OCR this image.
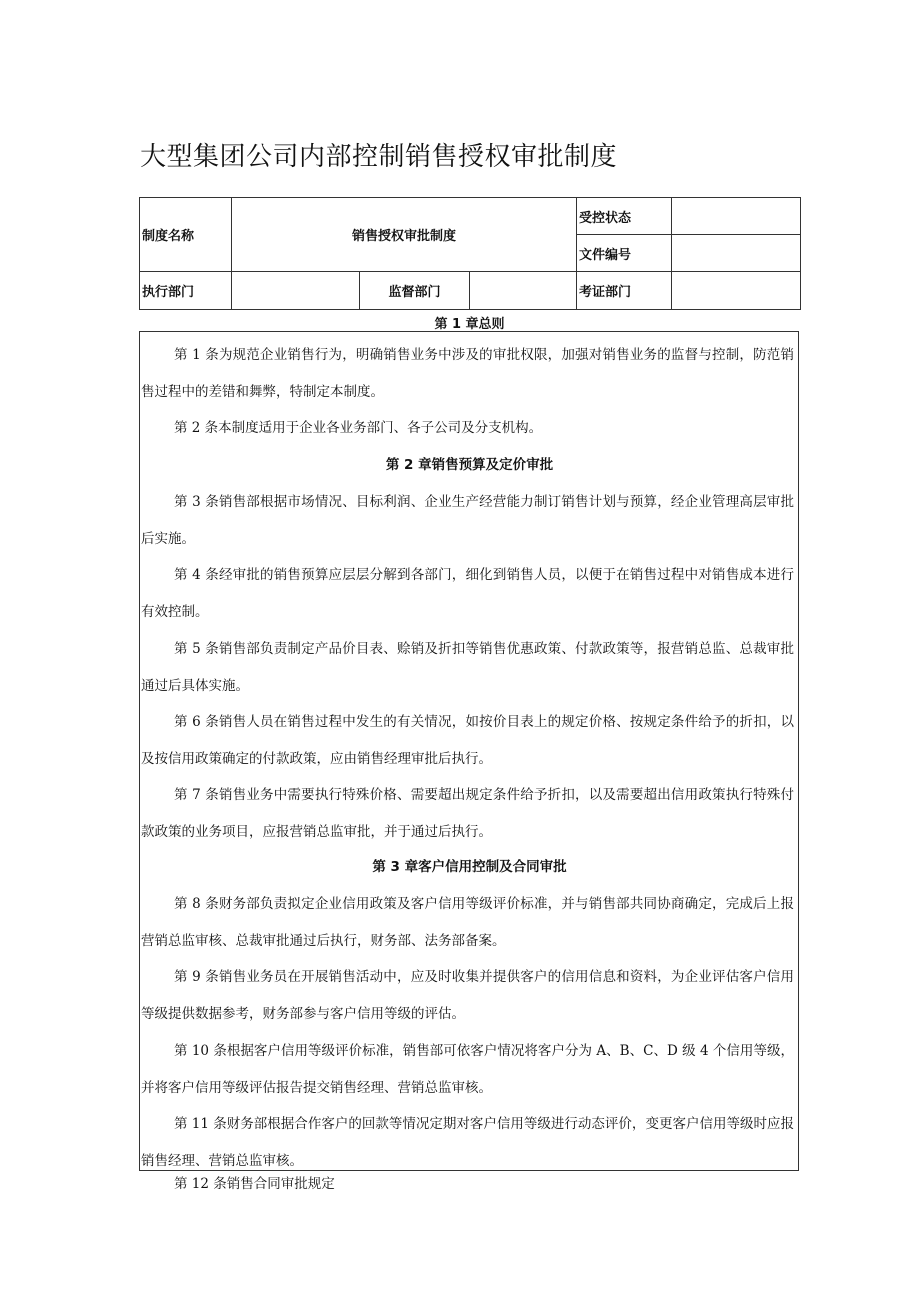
大型集团公司内部控制销售授权审批制度
制度名称	销售授权审批制度			受控状态	
				文件编号	
执行部门		监督部门		考证部门	
第 1 章总则
第 1 条为规范企业销售行为，明确销售业务中涉及的审批权限，加强对销售业务的监督与控制，防范销售过程中的差错和舞弊，特制定本制度。
第 2 条本制度适用于企业各业务部门、各子公司及分支机构。
第 2 章销售预算及定价审批
第 3 条销售部根据市场情况、目标利润、企业生产经营能力制订销售计划与预算，经企业管理高层审批后实施。
第 4 条经审批的销售预算应层层分解到各部门，细化到销售人员，以便于在销售过程中对销售成本进行有效控制。
第 5 条销售部负责制定产品价目表、赊销及折扣等销售优惠政策、付款政策等，报营销总监、总裁审批通过后具体实施。
第 6 条销售人员在销售过程中发生的有关情况，如按价目表上的规定价格、按规定条件给予的折扣，以及按信用政策确定的付款政策，应由销售经理审批后执行。
第 7 条销售业务中需要执行特殊价格、需要超出规定条件给予折扣，以及需要超出信用政策执行特殊付款政策的业务项目，应报营销总监审批，并于通过后执行。
第 3 章客户信用控制及合同审批
第 8 条财务部负责拟定企业信用政策及客户信用等级评价标准，并与销售部共同协商确定，完成后上报营销总监审核、总裁审批通过后执行，财务部、法务部备案。
第 9 条销售业务员在开展销售活动中，应及时收集并提供客户的信用信息和资料，为企业评估客户信用等级提供数据参考，财务部参与客户信用等级的评估。
第 10 条根据客户信用等级评价标准，销售部可依客户情况将客户分为 A、B、C、D 级 4 个信用等级，并将客户信用等级评估报告提交销售经理、营销总监审核。
第 11 条财务部根据合作客户的回款等情况定期对客户信用等级进行动态评价，变更客户信用等级时应报销售经理、营销总监审核。
第 12 条销售合同审批规定
